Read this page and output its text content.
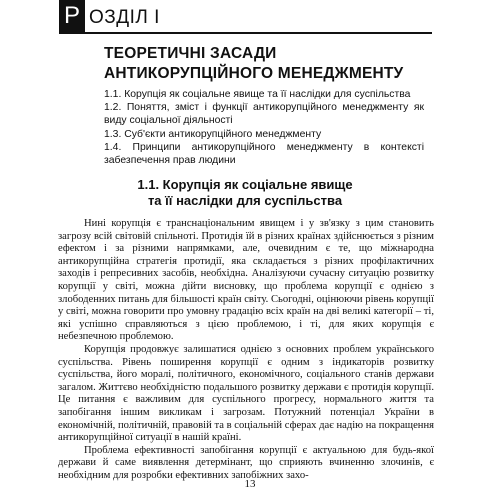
Р ОЗДІЛ I
ТЕОРЕТИЧНІ ЗАСАДИ
АНТИКОРУПЦІЙНОГО МЕНЕДЖМЕНТУ

1.1. Корупція як соціальне явище та її наслідки для суспільства

1.2. Поняття, зміст і функції антикорупційного менеджменту як виду соціальної діяльності

1.3. Суб'єкти антикорупційного менеджменту

1.4. Принципи антикорупційного менеджменту в контексті забезпечення прав людини

1.1. Корупція як соціальне явище
та її наслідки для суспільства

Нині корупція є транснаціональним явищем і у зв'язку з цим становить загрозу всій світовій спільноті. Протидія їй в різних країнах здійснюється з різним ефектом і за різними напрямками, але, очевидним є те, що міжнародна антикорупційна стратегія протидії, яка складається з різних профілактичних заходів і репресивних засобів, необхідна. Аналізуючи сучасну ситуацію розвитку корупції у світі, можна дійти висновку, що проблема корупції є однією з злободенних питань для більшості країн світу. Сьогодні, оцінюючи рівень корупції у світі, можна говорити про умовну градацію всіх країн на дві великі категорії – ті, які успішно справляються з цією проблемою, і ті, для яких корупція є небезпечною проблемою.

Корупція продовжує залишатися однією з основних проблем українського суспільства. Рівень поширення корупції є одним з індикаторів розвитку суспільства, його моралі, політичного, економічного, соціального станів держави загалом. Життєво необхідністю подальшого розвитку держави є протидія корупції. Це питання є важливим для суспільного прогресу, нормального життя та запобігання іншим викликам і загрозам. Потужний потенціал України в економічній, політичній, правовій та в соціальній сферах дає надію на покращення антикорупційної ситуації в нашій країні.

Проблема ефективності запобігання корупції є актуальною для будь-якої держави й саме виявлення детермінант, що сприяють вчиненню злочинів, є необхідним для розробки ефективних запобіжних захо-

13
